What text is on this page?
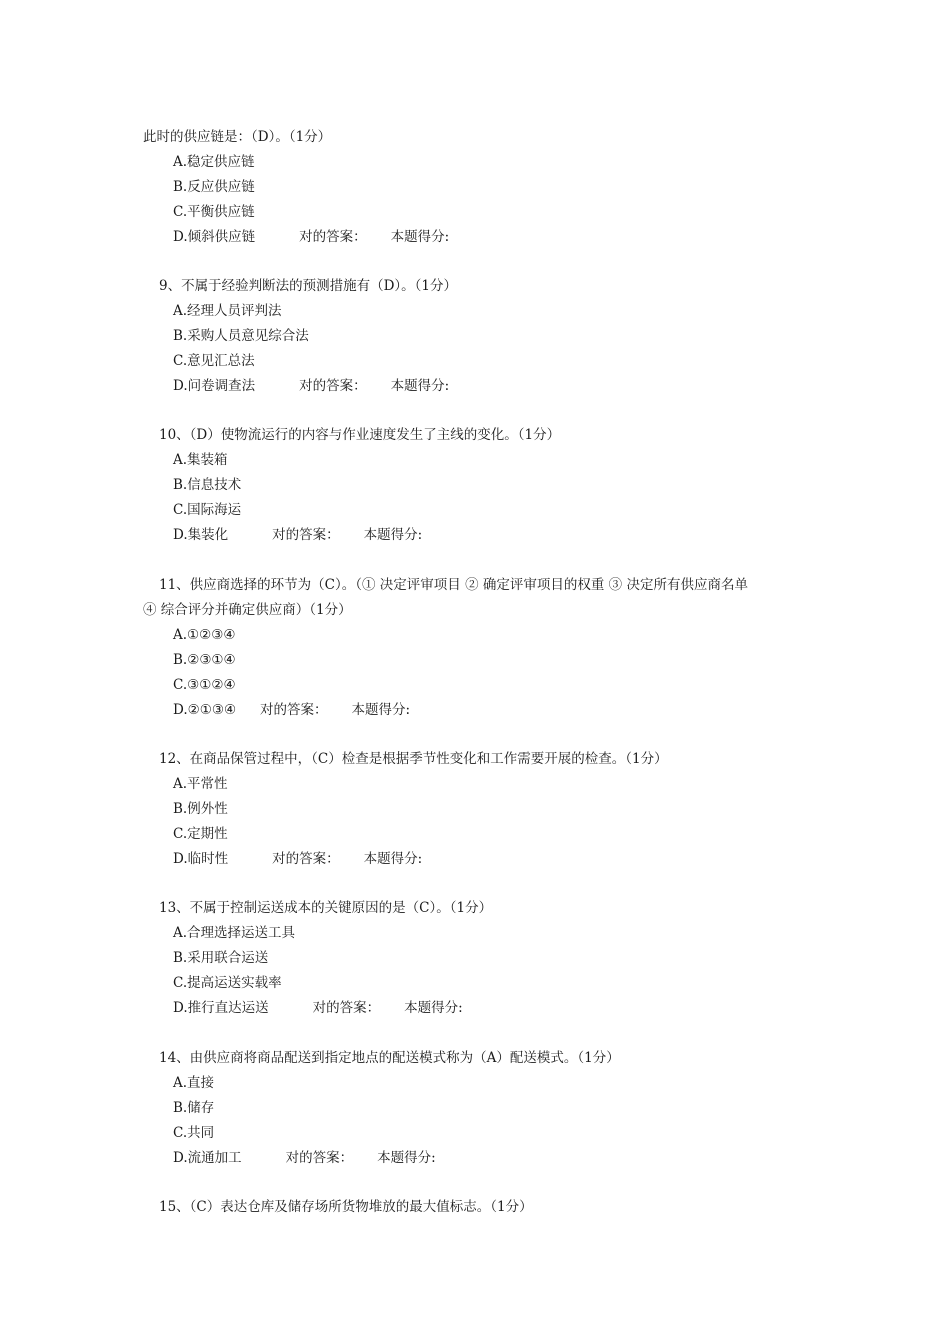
此时的供应链是：（D）。（1分）
A.稳定供应链
B.反应供应链
C.平衡供应链
D.倾斜供应链	对的答案： 本题得分:
9、不属于经验判断法的预测措施有（D）。（1分）
A.经理人员评判法
B.采购人员意见综合法
C.意见汇总法
D.问卷调查法	对的答案： 本题得分:
10、（D）使物流运行的内容与作业速度发生了主线的变化。（1分）
A.集装箱
B.信息技术
C.国际海运
D.集装化	对的答案： 本题得分:
11、供应商选择的环节为（C）。（① 决定评审项目 ② 确定评审项目的权重 ③ 决定所有供应商名单
④ 综合评分并确定供应商）（1分）
A.①②③④
B.②③①④
C.③①②④
D.②①③④ 对的答案： 本题得分:
12、在商品保管过程中，（C）检查是根据季节性变化和工作需要开展的检查。（1分）
A.平常性
B.例外性
C.定期性
D.临时性	对的答案： 本题得分:
13、不属于控制运送成本的关键原因的是（C）。（1分）
A.合理选择运送工具
B.采用联合运送
C.提高运送实载率
D.推行直达运送	对的答案： 本题得分:
14、由供应商将商品配送到指定地点的配送模式称为（A）配送模式。（1分）
A.直接
B.储存
C.共同
D.流通加工	对的答案： 本题得分:
15、（C）表达仓库及储存场所货物堆放的最大值标志。（1分）
